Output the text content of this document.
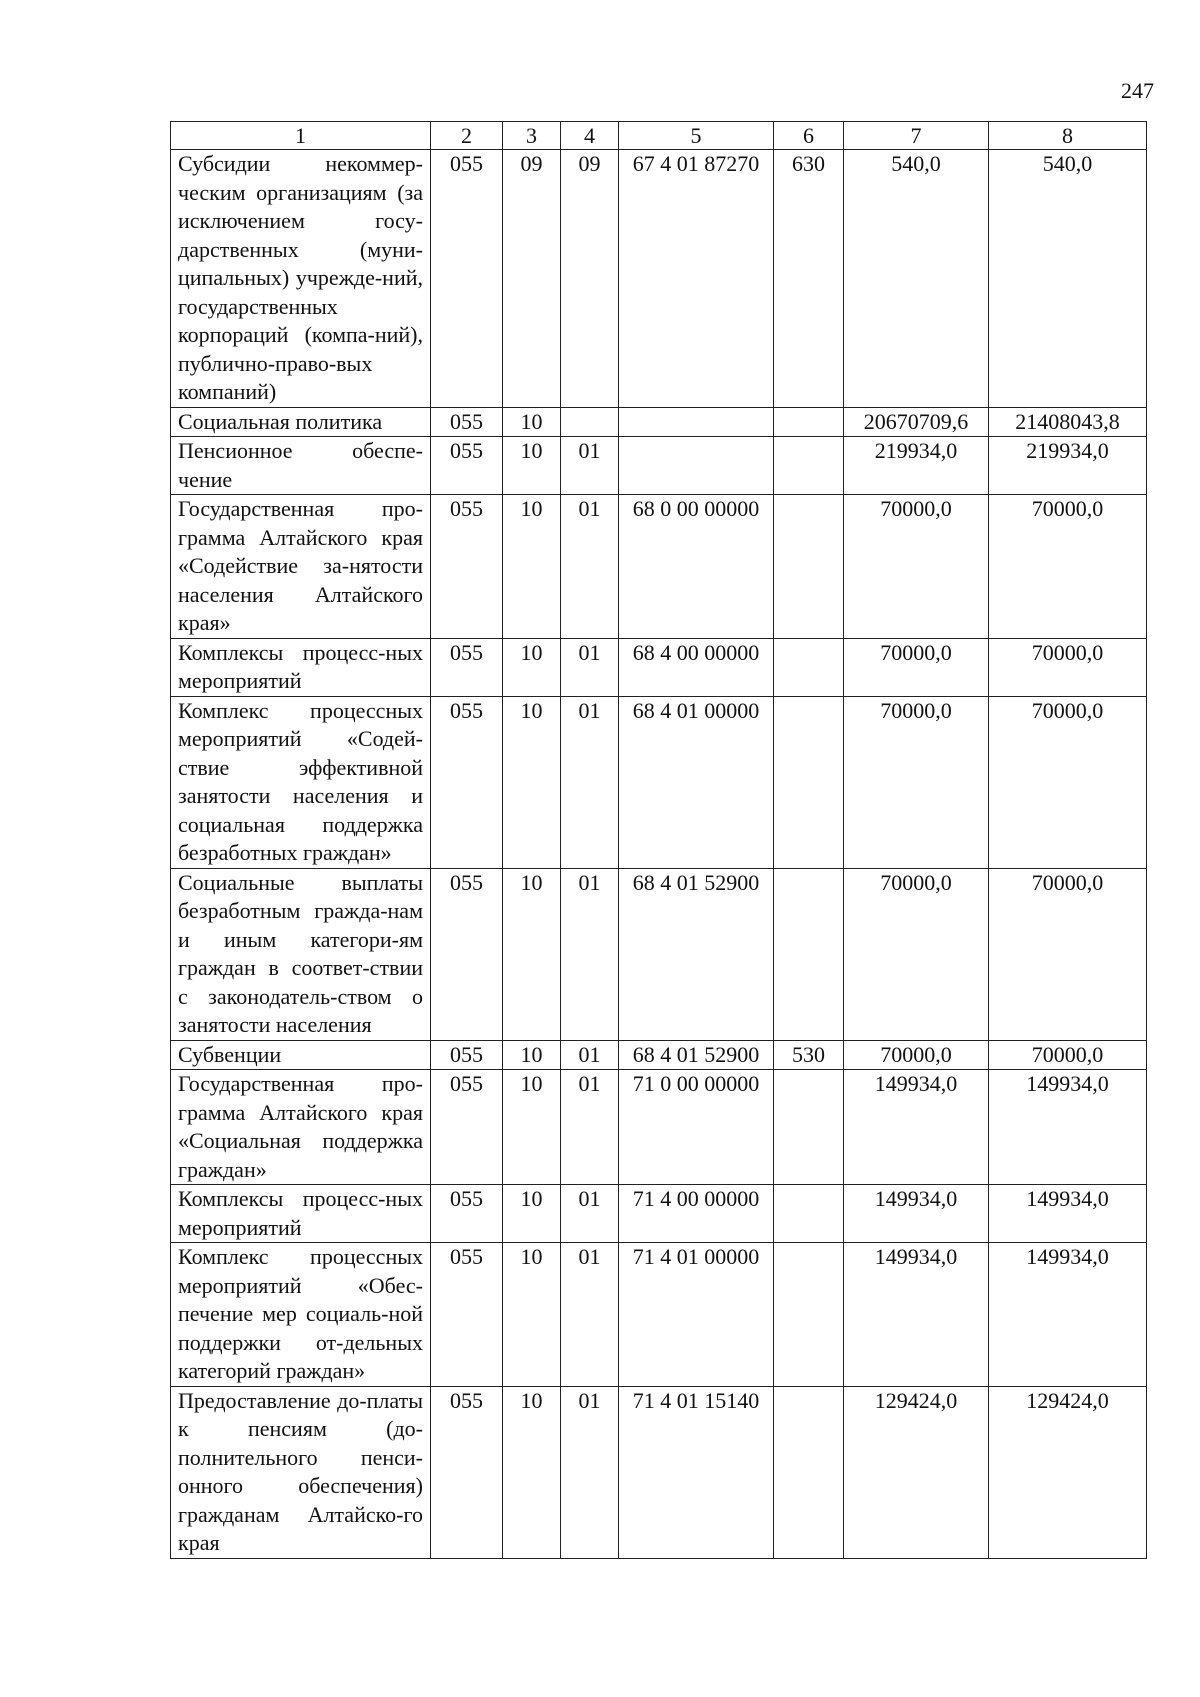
247
1	2	3	4	5	6	7	8
Субсидии некоммер-ческим организациям (за исключением госу-дарственных (муни-ципальных) учрежде-ний, государственных корпораций (компа-ний), публично-право-вых компаний)	055	09	09	67 4 01 87270	630	540,0	540,0
Социальная политика	055	10				20670709,6	21408043,8
Пенсионное обеспе-чение	055	10	01			219934,0	219934,0
Государственная про-грамма Алтайского края «Содействие за-нятости населения Алтайского края»	055	10	01	68 0 00 00000		70000,0	70000,0
Комплексы процесс-ных мероприятий	055	10	01	68 4 00 00000		70000,0	70000,0
Комплекс процессных мероприятий «Содей-ствие эффективной занятости населения и социальная поддержка безработных граждан»	055	10	01	68 4 01 00000		70000,0	70000,0
Социальные выплаты безработным гражда-нам и иным категори-ям граждан в соответ-ствии с законодатель-ством о занятости населения	055	10	01	68 4 01 52900		70000,0	70000,0
Субвенции	055	10	01	68 4 01 52900	530	70000,0	70000,0
Государственная про-грамма Алтайского края «Социальная поддержка граждан»	055	10	01	71 0 00 00000		149934,0	149934,0
Комплексы процесс-ных мероприятий	055	10	01	71 4 00 00000		149934,0	149934,0
Комплекс процессных мероприятий «Обес-печение мер социаль-ной поддержки от-дельных категорий граждан»	055	10	01	71 4 01 00000		149934,0	149934,0
Предоставление до-платы к пенсиям (до-полнительного пенси-онного обеспечения) гражданам Алтайско-го края	055	10	01	71 4 01 15140		129424,0	129424,0
